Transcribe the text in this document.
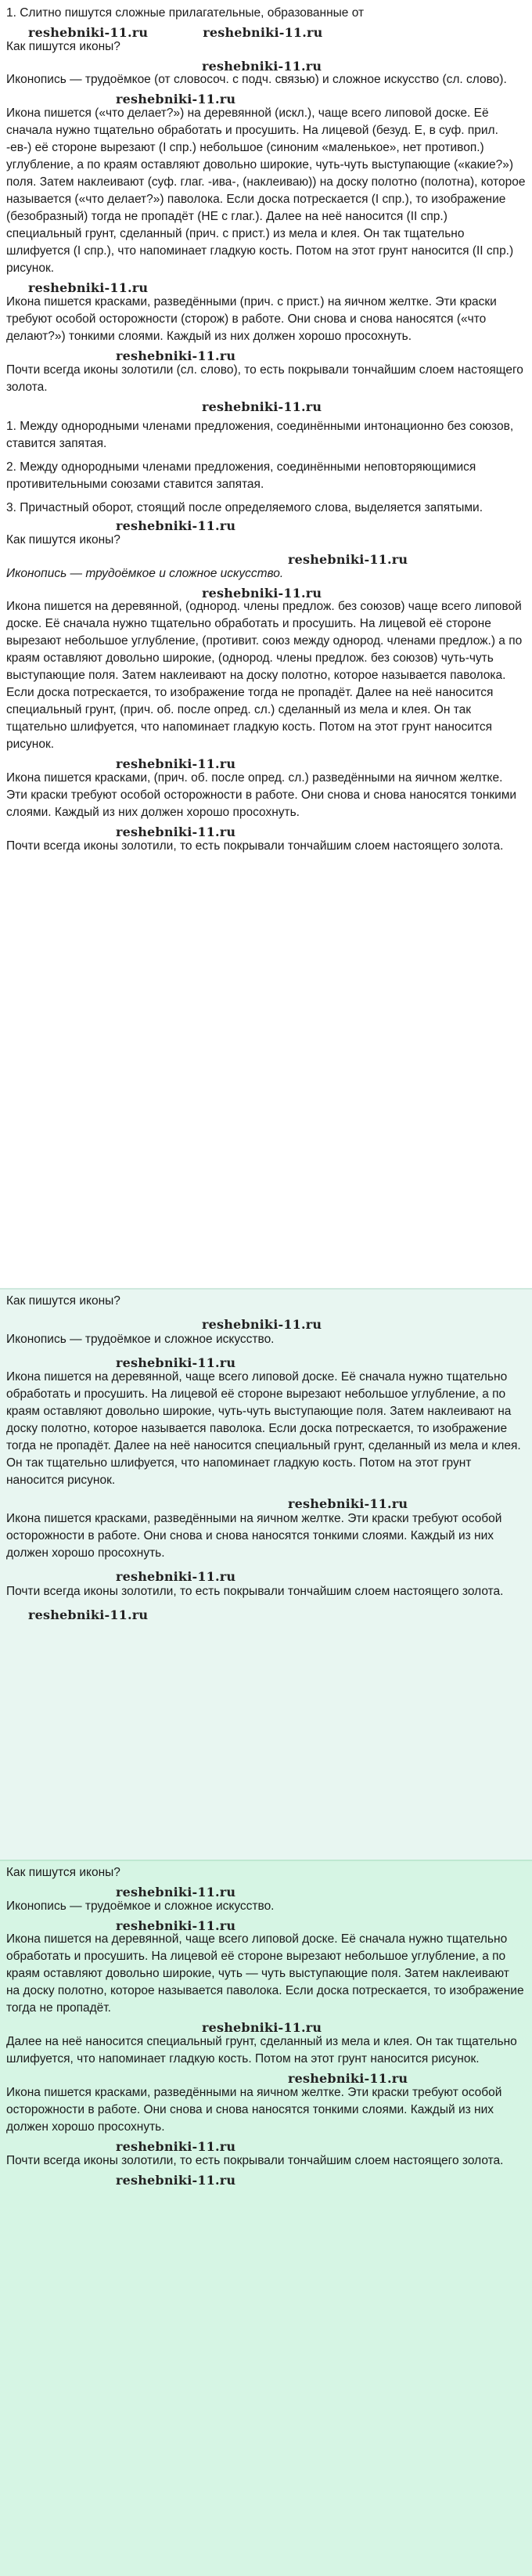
1. Слитно пишутся сложные прилагательные, образованные от

reshebniki-11.ru	reshebniki-11.ru

Как пишутся иконы?

reshebniki-11.ru

Иконопись — трудоёмкое (от словосоч. с подч. связью) и сложное искусство (сл. слово).

reshebniki-11.ru

Икона пишется («что делает?») на деревянной (искл.), чаще всего липовой доске. Её сначала нужно тщательно обработать и просушить. На лицевой (безуд. Е, в суф. прил. -ев-) её стороне вырезают (I спр.) небольшое (синоним «маленькое», нет противоп.) углубление, а по краям оставляют довольно широкие, чуть-чуть выступающие («какие?») поля. Затем наклеивают (суф. глаг. -ива-, (наклеиваю)) на доску полотно (полотна), которое называется («что делает?») паволока. Если доска потрескается (I спр.), то изображение (безобразный) тогда не пропадёт (НЕ с глаг.). Далее на неё наносится (II спр.) специальный грунт, сделанный (прич. с прист.) из мела и клея. Он так тщательно шлифуется (I спр.), что напоминает гладкую кость. Потом на этот грунт наносится (II спр.) рисунок.

reshebniki-11.ru

Икона пишется красками, разведёнными (прич. с прист.) на яичном желтке. Эти краски требуют особой осторожности (сторож) в работе. Они снова и снова наносятся («что делают?») тонкими слоями. Каждый из них должен хорошо просохнуть.

reshebniki-11.ru

Почти всегда иконы золотили (сл. слово), то есть покрывали тончайшим слоем настоящего золота.

reshebniki-11.ru

1. Между однородными членами предложения, соединёнными интонационно без союзов, ставится запятая.

2. Между однородными членами предложения, соединёнными неповторяющимися противительными союзами ставится запятая.

3. Причастный оборот, стоящий после определяемого слова, выделяется запятыми.

reshebniki-11.ru

Как пишутся иконы?

reshebniki-11.ru

Иконопись — трудоёмкое и сложное искусство.

reshebniki-11.ru

Икона пишется на деревянной, (однород. члены предлож. без союзов) чаще всего липовой доске. Её сначала нужно тщательно обработать и просушить. На лицевой её стороне вырезают небольшое углубление, (противит. союз между однород. членами предлож.) а по краям оставляют довольно широкие, (однород. члены предлож. без союзов) чуть-чуть выступающие поля. Затем наклеивают на доску полотно, которое называется паволока. Если доска потрескается, то изображение тогда не пропадёт. Далее на неё наносится специальный грунт, (прич. об. после опред. сл.) сделанный из мела и клея. Он так тщательно шлифуется, что напоминает гладкую кость. Потом на этот грунт наносится рисунок.

reshebniki-11.ru

Икона пишется красками, (прич. об. после опред. сл.) разведёнными на яичном желтке. Эти краски требуют особой осторожности в работе. Они снова и снова наносятся тонкими слоями. Каждый из них должен хорошо просохнуть.

reshebniki-11.ru

Почти всегда иконы золотили, то есть покрывали тончайшим слоем настоящего золота.

Как пишутся иконы?

reshebniki-11.ru

Иконопись — трудоёмкое и сложное искусство.

reshebniki-11.ru

Икона пишется на деревянной, чаще всего липовой доске. Её сначала нужно тщательно обработать и просушить. На лицевой её стороне вырезают небольшое углубление, а по краям оставляют довольно широкие, чуть-чуть выступающие поля. Затем наклеивают на доску полотно, которое называется паволока. Если доска потрескается, то изображение тогда не пропадёт. Далее на неё наносится специальный грунт, сделанный из мела и клея. Он так тщательно шлифуется, что напоминает гладкую кость. Потом на этот грунт наносится рисунок.

reshebniki-11.ru

Икона пишется красками, разведёнными на яичном желтке. Эти краски требуют особой осторожности в работе. Они снова и снова наносятся тонкими слоями. Каждый из них должен хорошо просохнуть.

reshebniki-11.ru

Почти всегда иконы золотили, то есть покрывали тончайшим слоем настоящего золота.

reshebniki-11.ru

Как пишутся иконы?

reshebniki-11.ru

Иконопись — трудоёмкое и сложное искусство.

reshebniki-11.ru

Икона пишется на деревянной, чаще всего липовой доске. Её сначала нужно тщательно обработать и просушить. На лицевой её стороне вырезают небольшое углубление, а по краям оставляют довольно широкие, чуть — чуть выступающие поля. Затем наклеивают на доску полотно, которое называется паволока. Если доска потрескается, то изображение тогда не пропадёт.

reshebniki-11.ru

Далее на неё наносится специальный грунт, сделанный из мела и клея. Он так тщательно шлифуется, что напоминает гладкую кость. Потом на этот грунт наносится рисунок.

reshebniki-11.ru

Икона пишется красками, разведёнными на яичном желтке. Эти краски требуют особой осторожности в работе. Они снова и снова наносятся тонкими слоями. Каждый из них должен хорошо просохнуть.

reshebniki-11.ru

Почти всегда иконы золотили, то есть покрывали тончайшим слоем настоящего золота.

reshebniki-11.ru
